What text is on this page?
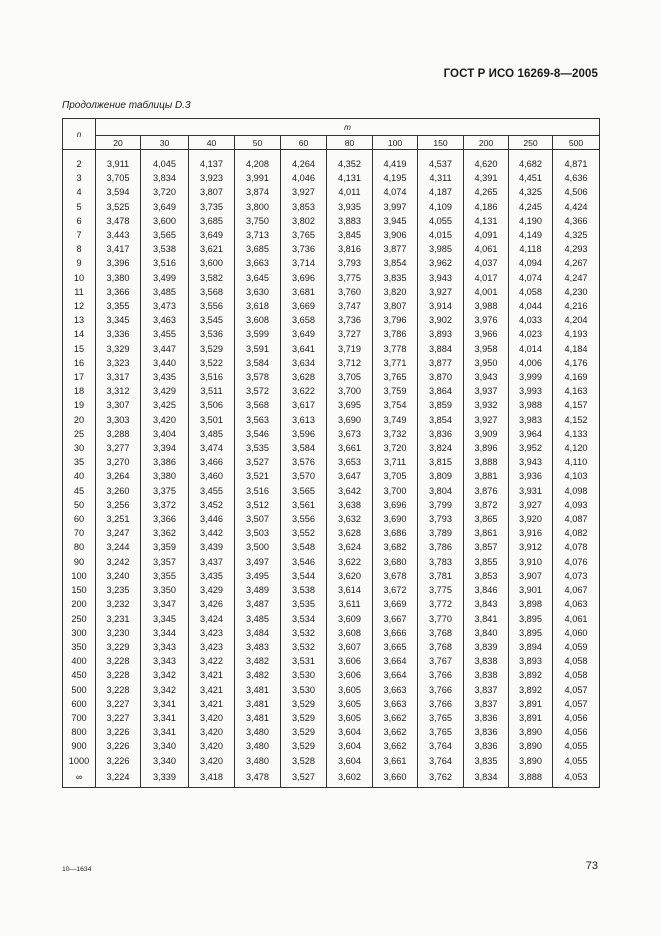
ГОСТ Р ИСО 16269-8—2005
Продолжение таблицы D.3
n	m										
	20	30	40	50	60	80	100	150	200	250	500

2	3,911	4,045	4,137	4,208	4,264	4,352	4,419	4,537	4,620	4,682	4,871
3	3,705	3,834	3,923	3,991	4,046	4,131	4,195	4,311	4,391	4,451	4,636
4	3,594	3,720	3,807	3,874	3,927	4,011	4,074	4,187	4,265	4,325	4,506
5	3,525	3,649	3,735	3,800	3,853	3,935	3,997	4,109	4,186	4,245	4,424
6	3,478	3,600	3,685	3,750	3,802	3,883	3,945	4,055	4,131	4,190	4,366
7	3,443	3,565	3,649	3,713	3,765	3,845	3,906	4,015	4,091	4,149	4,325
8	3,417	3,538	3,621	3,685	3,736	3,816	3,877	3,985	4,061	4,118	4,293
9	3,396	3,516	3,600	3,663	3,714	3,793	3,854	3,962	4,037	4,094	4,267
10	3,380	3,499	3,582	3,645	3,696	3,775	3,835	3,943	4,017	4,074	4,247
11	3,366	3,485	3,568	3,630	3,681	3,760	3,820	3,927	4,001	4,058	4,230
12	3,355	3,473	3,556	3,618	3,669	3,747	3,807	3,914	3,988	4,044	4,216
13	3,345	3,463	3,545	3,608	3,658	3,736	3,796	3,902	3,976	4,033	4,204
14	3,336	3,455	3,536	3,599	3,649	3,727	3,786	3,893	3,966	4,023	4,193
15	3,329	3,447	3,529	3,591	3,641	3,719	3,778	3,884	3,958	4,014	4,184
16	3,323	3,440	3,522	3,584	3,634	3,712	3,771	3,877	3,950	4,006	4,176
17	3,317	3,435	3,516	3,578	3,628	3,705	3,765	3,870	3,943	3,999	4,169
18	3,312	3,429	3,511	3,572	3,622	3,700	3,759	3,864	3,937	3,993	4,163
19	3,307	3,425	3,506	3,568	3,617	3,695	3,754	3,859	3,932	3,988	4,157
20	3,303	3,420	3,501	3,563	3,613	3,690	3,749	3,854	3,927	3,983	4,152
25	3,288	3,404	3,485	3,546	3,596	3,673	3,732	3,836	3,909	3,964	4,133
30	3,277	3,394	3,474	3,535	3,584	3,661	3,720	3,824	3,896	3,952	4,120
35	3,270	3,386	3,466	3,527	3,576	3,653	3,711	3,815	3,888	3,943	4,110
40	3,264	3,380	3,460	3,521	3,570	3,647	3,705	3,809	3,881	3,936	4,103
45	3,260	3,375	3,455	3,516	3,565	3,642	3,700	3,804	3,876	3,931	4,098
50	3,256	3,372	3,452	3,512	3,561	3,638	3,696	3,799	3,872	3,927	4,093
60	3,251	3,366	3,446	3,507	3,556	3,632	3,690	3,793	3,865	3,920	4,087
70	3,247	3,362	3,442	3,503	3,552	3,628	3,686	3,789	3,861	3,916	4,082
80	3,244	3,359	3,439	3,500	3,548	3,624	3,682	3,786	3,857	3,912	4,078
90	3,242	3,357	3,437	3,497	3,546	3,622	3,680	3,783	3,855	3,910	4,076
100	3,240	3,355	3,435	3,495	3,544	3,620	3,678	3,781	3,853	3,907	4,073
150	3,235	3,350	3,429	3,489	3,538	3,614	3,672	3,775	3,846	3,901	4,067
200	3,232	3,347	3,426	3,487	3,535	3,611	3,669	3,772	3,843	3,898	4,063
250	3,231	3,345	3,424	3,485	3,534	3,609	3,667	3,770	3,841	3,895	4,061
300	3,230	3,344	3,423	3,484	3,532	3,608	3,666	3,768	3,840	3,895	4,060
350	3,229	3,343	3,423	3,483	3,532	3,607	3,665	3,768	3,839	3,894	4,059
400	3,228	3,343	3,422	3,482	3,531	3,606	3,664	3,767	3,838	3,893	4,058
450	3,228	3,342	3,421	3,482	3,530	3,606	3,664	3,766	3,838	3,892	4,058
500	3,228	3,342	3,421	3,481	3,530	3,605	3,663	3,766	3,837	3,892	4,057
600	3,227	3,341	3,421	3,481	3,529	3,605	3,663	3,766	3,837	3,891	4,057
700	3,227	3,341	3,420	3,481	3,529	3,605	3,662	3,765	3,836	3,891	4,056
800	3,226	3,341	3,420	3,480	3,529	3,604	3,662	3,765	3,836	3,890	4,056
900	3,226	3,340	3,420	3,480	3,529	3,604	3,662	3,764	3,836	3,890	4,055
1000	3,226	3,340	3,420	3,480	3,528	3,604	3,661	3,764	3,835	3,890	4,055
∞	3,224	3,339	3,418	3,478	3,527	3,602	3,660	3,762	3,834	3,888	4,053
10—1634	73
